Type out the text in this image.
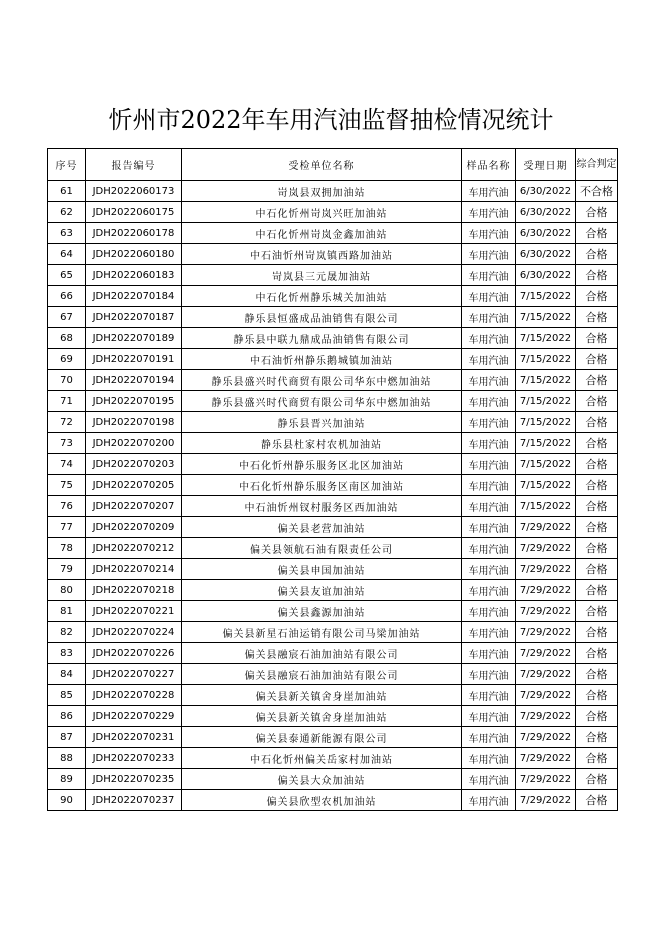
忻州市2022年车用汽油监督抽检情况统计
序号	报告编号	受检单位名称	样品名称	受理日期	综合判定
61	JDH2022060173	岢岚县双拥加油站	车用汽油	6/30/2022	不合格
62	JDH2022060175	中石化忻州岢岚兴旺加油站	车用汽油	6/30/2022	合格
63	JDH2022060178	中石化忻州岢岚金鑫加油站	车用汽油	6/30/2022	合格
64	JDH2022060180	中石油忻州岢岚镇西路加油站	车用汽油	6/30/2022	合格
65	JDH2022060183	岢岚县三元晟加油站	车用汽油	6/30/2022	合格
66	JDH2022070184	中石化忻州静乐城关加油站	车用汽油	7/15/2022	合格
67	JDH2022070187	静乐县恒盛成品油销售有限公司	车用汽油	7/15/2022	合格
68	JDH2022070189	静乐县中联九鼎成品油销售有限公司	车用汽油	7/15/2022	合格
69	JDH2022070191	中石油忻州静乐鹅城镇加油站	车用汽油	7/15/2022	合格
70	JDH2022070194	静乐县盛兴时代商贸有限公司华东中燃加油站	车用汽油	7/15/2022	合格
71	JDH2022070195	静乐县盛兴时代商贸有限公司华东中燃加油站	车用汽油	7/15/2022	合格
72	JDH2022070198	静乐县晋兴加油站	车用汽油	7/15/2022	合格
73	JDH2022070200	静乐县杜家村农机加油站	车用汽油	7/15/2022	合格
74	JDH2022070203	中石化忻州静乐服务区北区加油站	车用汽油	7/15/2022	合格
75	JDH2022070205	中石化忻州静乐服务区南区加油站	车用汽油	7/15/2022	合格
76	JDH2022070207	中石油忻州钗村服务区西加油站	车用汽油	7/15/2022	合格
77	JDH2022070209	偏关县老营加油站	车用汽油	7/29/2022	合格
78	JDH2022070212	偏关县领航石油有限责任公司	车用汽油	7/29/2022	合格
79	JDH2022070214	偏关县申国加油站	车用汽油	7/29/2022	合格
80	JDH2022070218	偏关县友谊加油站	车用汽油	7/29/2022	合格
81	JDH2022070221	偏关县鑫源加油站	车用汽油	7/29/2022	合格
82	JDH2022070224	偏关县新星石油运销有限公司马梁加油站	车用汽油	7/29/2022	合格
83	JDH2022070226	偏关县融宸石油加油站有限公司	车用汽油	7/29/2022	合格
84	JDH2022070227	偏关县融宸石油加油站有限公司	车用汽油	7/29/2022	合格
85	JDH2022070228	偏关县新关镇舍身崖加油站	车用汽油	7/29/2022	合格
86	JDH2022070229	偏关县新关镇舍身崖加油站	车用汽油	7/29/2022	合格
87	JDH2022070231	偏关县泰通新能源有限公司	车用汽油	7/29/2022	合格
88	JDH2022070233	中石化忻州偏关岳家村加油站	车用汽油	7/29/2022	合格
89	JDH2022070235	偏关县大众加油站	车用汽油	7/29/2022	合格
90	JDH2022070237	偏关县欣型农机加油站	车用汽油	7/29/2022	合格
